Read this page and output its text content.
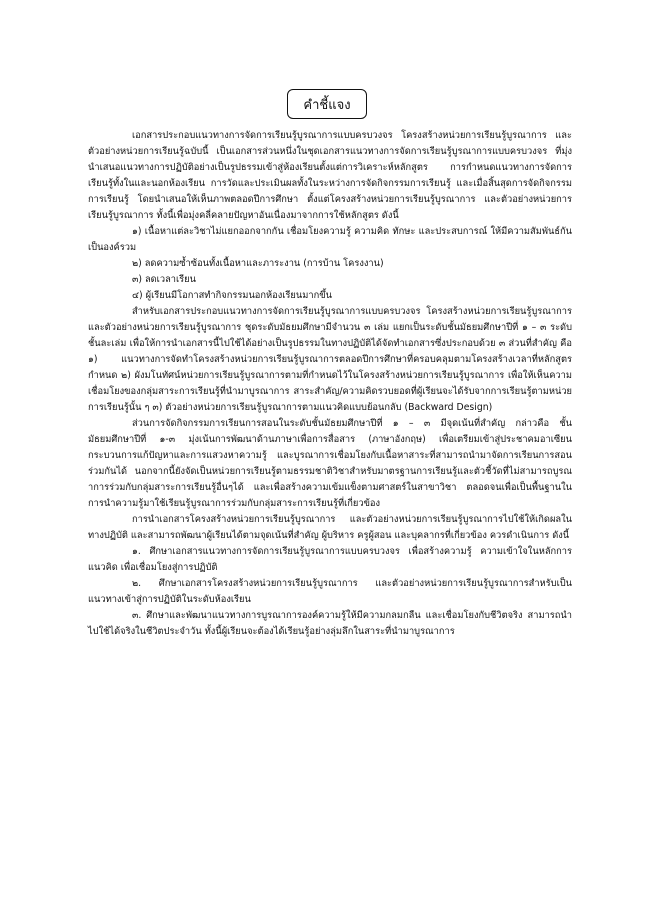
คำชี้แจง

เอกสารประกอบแนวทางการจัดการเรียนรู้บูรณาการแบบครบวงจร โครงสร้างหน่วยการเรียนรู้บูรณาการ และตัวอย่างหน่วยการเรียนรู้ฉบับนี้ เป็นเอกสารส่วนหนึ่งในชุดเอกสารแนวทางการจัดการเรียนรู้บูรณาการแบบครบวงจร ที่มุ่งนำเสนอแนวทางการปฏิบัติอย่างเป็นรูปธรรมเข้าสู่ห้องเรียนตั้งแต่การวิเคราะห์หลักสูตร การกำหนดแนวทางการจัดการเรียนรู้ทั้งในและนอกห้องเรียน การวัดและประเมินผลทั้งในระหว่างการจัดกิจกรรมการเรียนรู้ และเมื่อสิ้นสุดการจัดกิจกรรมการเรียนรู้ โดยนำเสนอให้เห็นภาพตลอดปีการศึกษา ตั้งแต่โครงสร้างหน่วยการเรียนรู้บูรณาการ และตัวอย่างหน่วยการเรียนรู้บูรณาการ ทั้งนี้เพื่อมุ่งคลี่คลายปัญหาอันเนื่องมาจากการใช้หลักสูตร ดังนี้

๑) เนื้อหาแต่ละวิชาไม่แยกออกจากกัน เชื่อมโยงความรู้ ความคิด ทักษะ และประสบการณ์ ให้มีความสัมพันธ์กันเป็นองค์รวม

๒) ลดความซ้ำซ้อนทั้งเนื้อหาและภาระงาน (การบ้าน โครงงาน)

๓) ลดเวลาเรียน

๔) ผู้เรียนมีโอกาสทำกิจกรรมนอกห้องเรียนมากขึ้น

สำหรับเอกสารประกอบแนวทางการจัดการเรียนรู้บูรณาการแบบครบวงจร โครงสร้างหน่วยการเรียนรู้บูรณาการ และตัวอย่างหน่วยการเรียนรู้บูรณาการ ชุดระดับมัธยมศึกษามีจำนวน ๓ เล่ม แยกเป็นระดับชั้นมัธยมศึกษาปีที่ ๑ – ๓ ระดับชั้นละเล่ม เพื่อให้การนำเอกสารนี้ไปใช้ได้อย่างเป็นรูปธรรมในทางปฏิบัติได้จัดทำเอกสารซึ่งประกอบด้วย ๓ ส่วนที่สำคัญ คือ ๑) แนวทางการจัดทำโครงสร้างหน่วยการเรียนรู้บูรณาการตลอดปีการศึกษาที่ครอบคลุมตามโครงสร้างเวลาที่หลักสูตรกำหนด ๒) ผังมโนทัศน์หน่วยการเรียนรู้บูรณาการตามที่กำหนดไว้ในโครงสร้างหน่วยการเรียนรู้บูรณาการ เพื่อให้เห็นความเชื่อมโยงของกลุ่มสาระการเรียนรู้ที่นำมาบูรณาการ สาระสำคัญ/ความคิดรวบยอดที่ผู้เรียนจะได้รับจากการเรียนรู้ตามหน่วยการเรียนรู้นั้น ๆ ๓) ตัวอย่างหน่วยการเรียนรู้บูรณาการตามแนวคิดแบบย้อนกลับ (Backward Design)

ส่วนการจัดกิจกรรมการเรียนการสอนในระดับชั้นมัธยมศึกษาปีที่ ๑ – ๓ มีจุดเน้นที่สำคัญ กล่าวคือ ชั้นมัธยมศึกษาปีที่ ๑-๓ มุ่งเน้นการพัฒนาด้านภาษาเพื่อการสื่อสาร (ภาษาอังกฤษ) เพื่อเตรียมเข้าสู่ประชาคมอาเซียน กระบวนการแก้ปัญหาและการแสวงหาความรู้ และบูรณาการเชื่อมโยงกับเนื้อหาสาระที่สามารถนำมาจัดการเรียนการสอนร่วมกันได้ นอกจากนี้ยังจัดเป็นหน่วยการเรียนรู้ตามธรรมชาติวิชาสำหรับมาตรฐานการเรียนรู้และตัวชี้วัดที่ไม่สามารถบูรณาการร่วมกับกลุ่มสาระการเรียนรู้อื่นๆได้ และเพื่อสร้างความเข้มแข็งตามศาสตร์ในสาขาวิชา ตลอดจนเพื่อเป็นพื้นฐานในการนำความรู้มาใช้เรียนรู้บูรณาการร่วมกับกลุ่มสาระการเรียนรู้ที่เกี่ยวข้อง

การนำเอกสารโครงสร้างหน่วยการเรียนรู้บูรณาการ และตัวอย่างหน่วยการเรียนรู้บูรณาการไปใช้ให้เกิดผลในทางปฏิบัติ และสามารถพัฒนาผู้เรียนได้ตามจุดเน้นที่สำคัญ ผู้บริหาร ครูผู้สอน และบุคลากรที่เกี่ยวข้อง ควรดำเนินการ ดังนี้

๑. ศึกษาเอกสารแนวทางการจัดการเรียนรู้บูรณาการแบบครบวงจร เพื่อสร้างความรู้ ความเข้าใจในหลักการ แนวคิด เพื่อเชื่อมโยงสู่การปฏิบัติ

๒. ศึกษาเอกสารโครงสร้างหน่วยการเรียนรู้บูรณาการ และตัวอย่างหน่วยการเรียนรู้บูรณาการสำหรับเป็นแนวทางเข้าสู่การปฏิบัติในระดับห้องเรียน

๓. ศึกษาและพัฒนาแนวทางการบูรณาการองค์ความรู้ให้มีความกลมกลืน และเชื่อมโยงกับชีวิตจริง สามารถนำไปใช้ได้จริงในชีวิตประจำวัน ทั้งนี้ผู้เรียนจะต้องได้เรียนรู้อย่างลุ่มลึกในสาระที่นำมาบูรณาการ
